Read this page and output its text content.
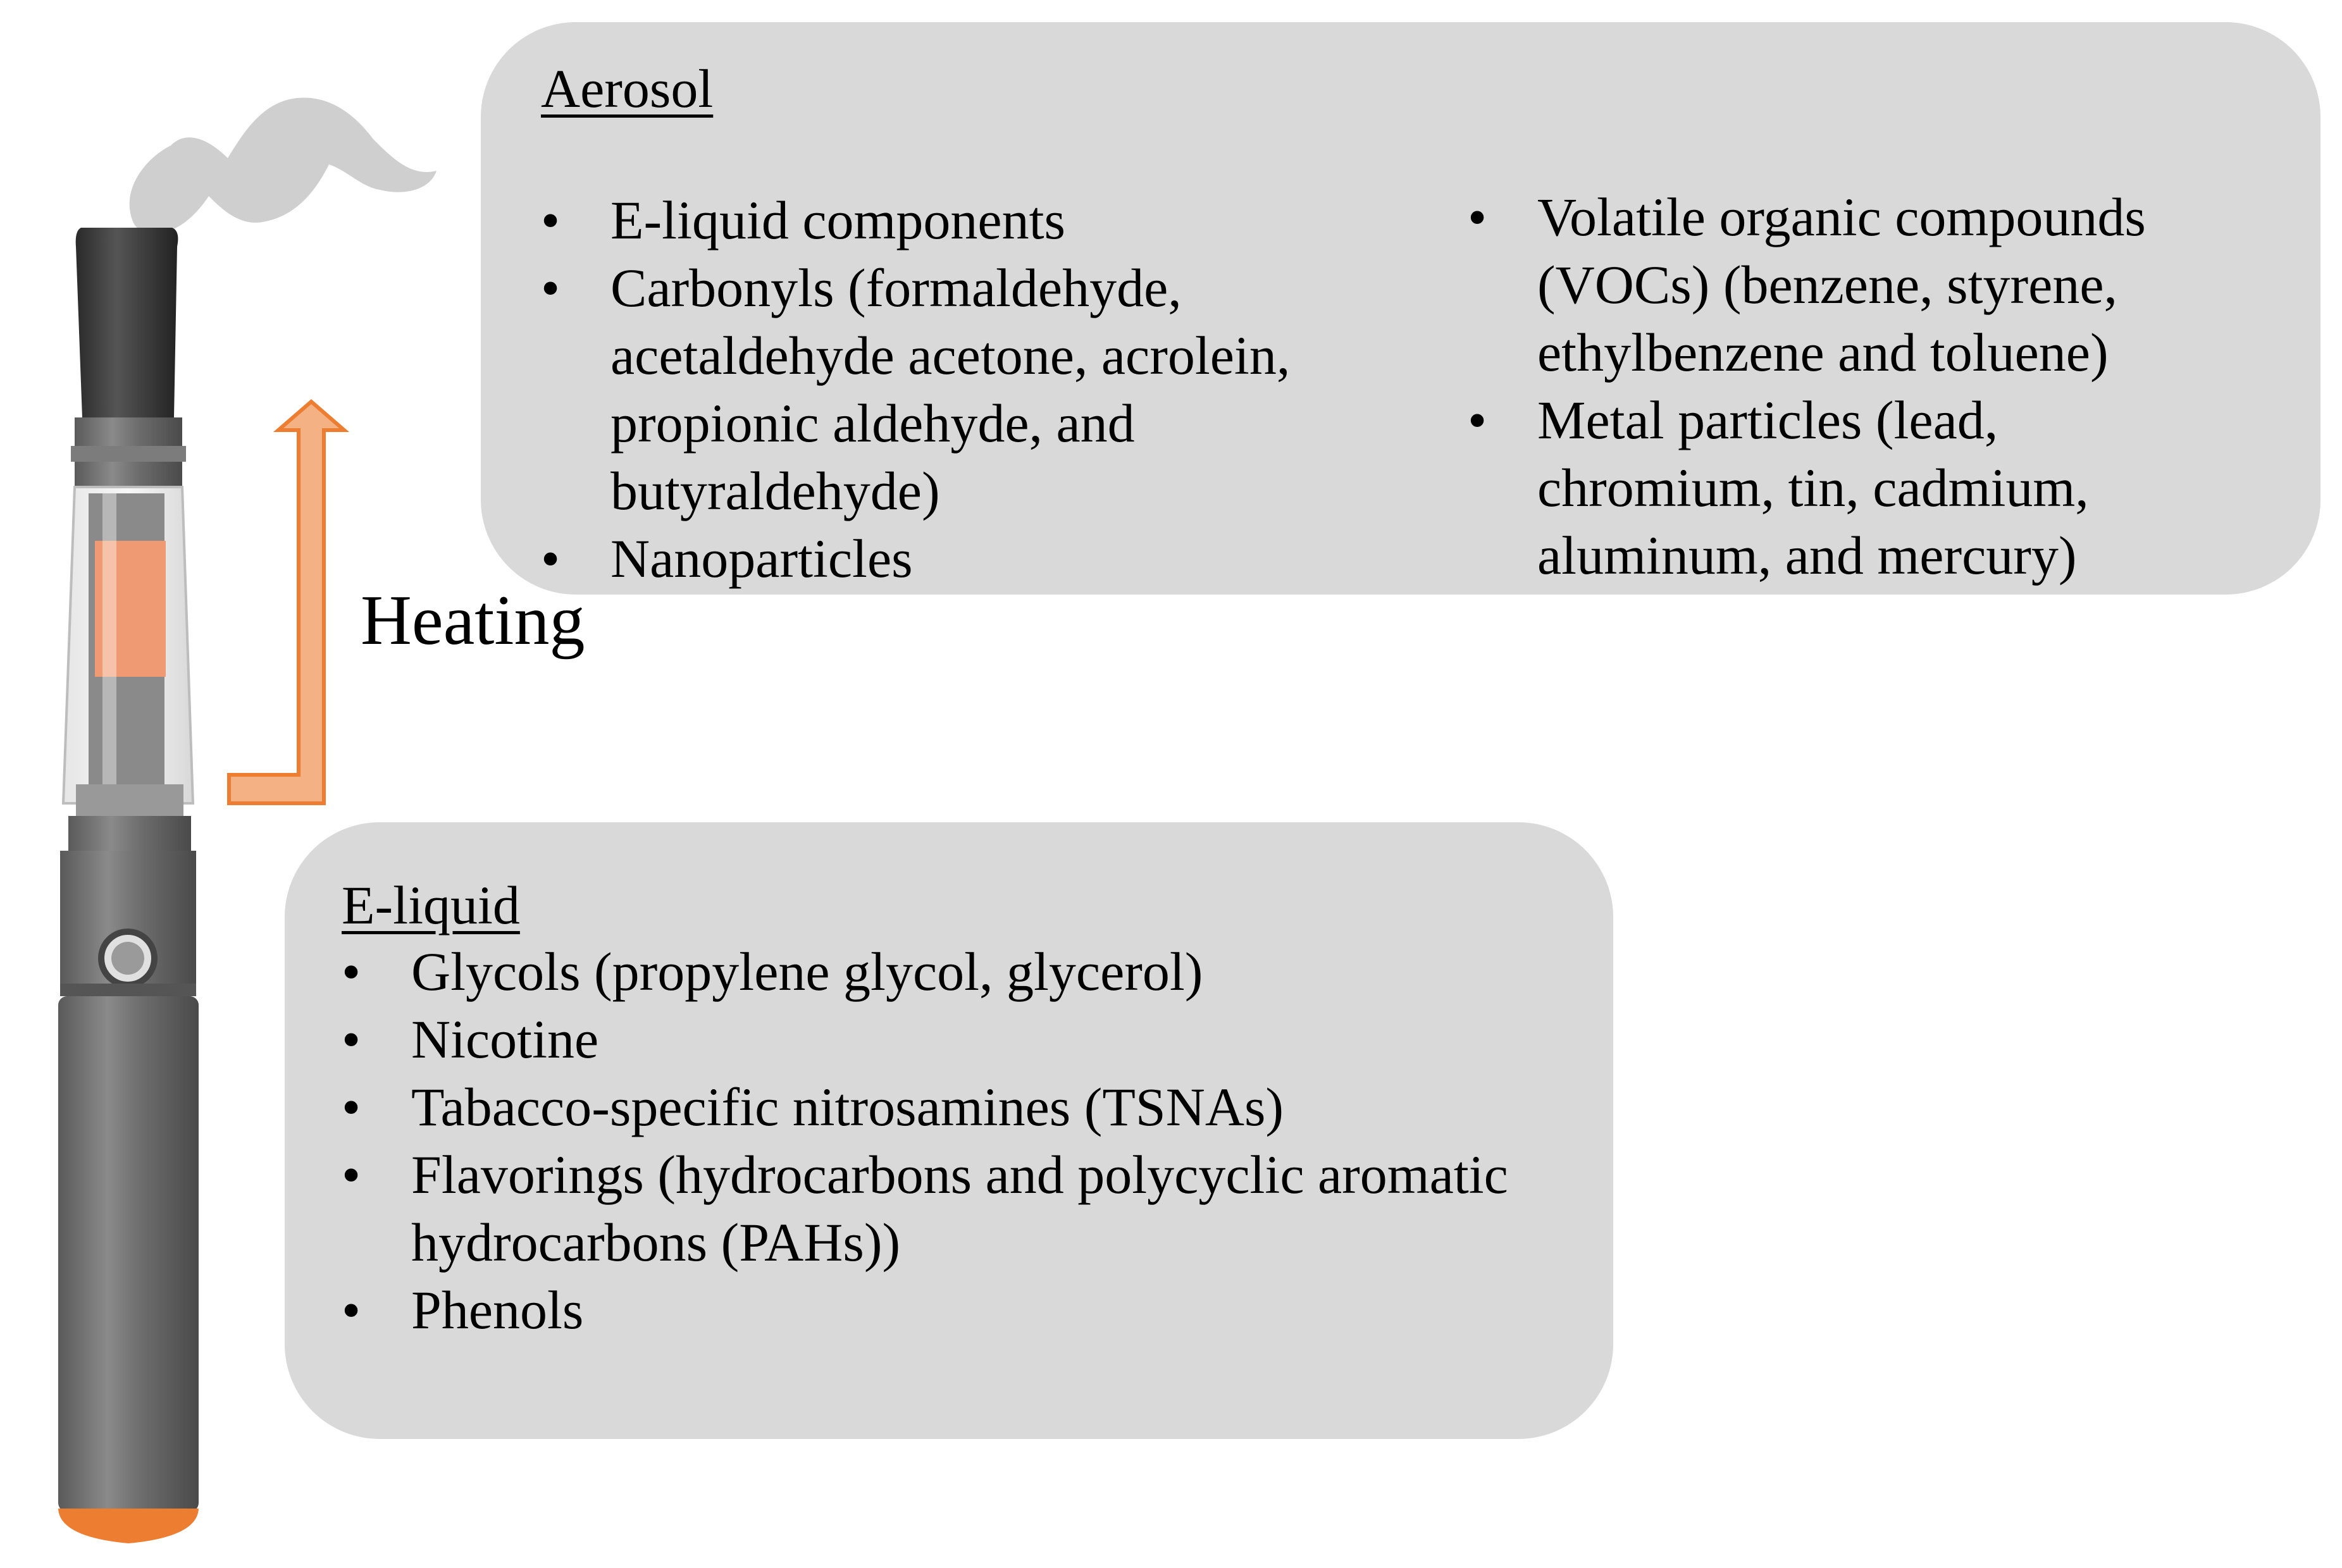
Heating
Aerosol
• E-liquid components
• Carbonyls (formaldehyde, acetaldehyde acetone, acrolein, propionic aldehyde, and butyraldehyde)
• Nanoparticles
• Volatile organic compounds (VOCs) (benzene, styrene, ethylbenzene and toluene)
• Metal particles (lead, chromium, tin, cadmium, aluminum, and mercury)
E-liquid
• Glycols (propylene glycol, glycerol)
• Nicotine
• Tabacco-specific nitrosamines (TSNAs)
• Flavorings (hydrocarbons and polycyclic aromatic hydrocarbons (PAHs))
• Phenols
